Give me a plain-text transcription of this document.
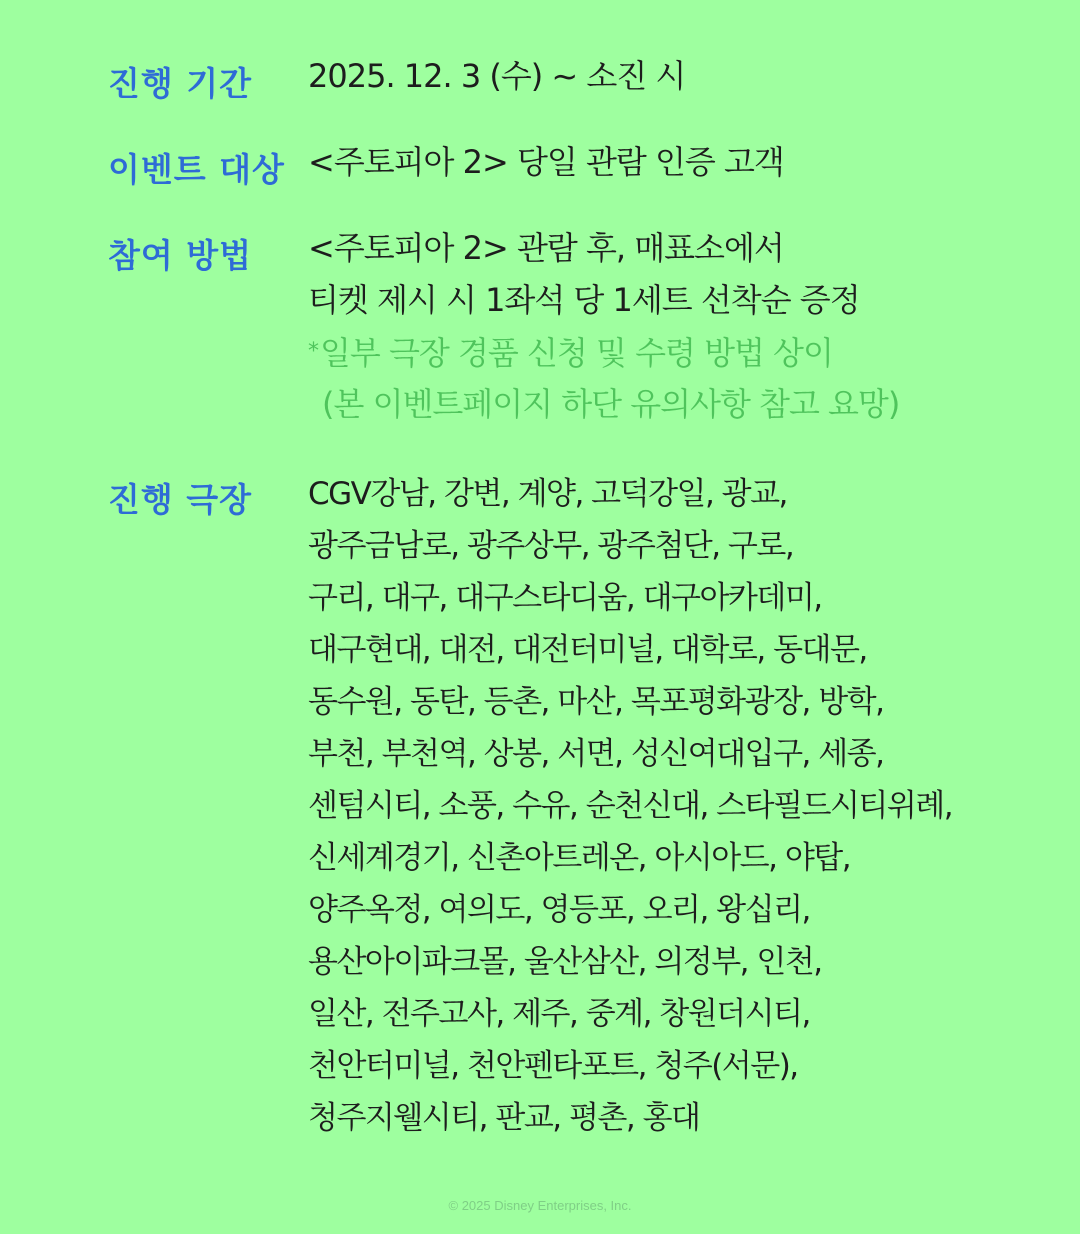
진행 기간 2025. 12. 3 (수) ~ 소진 시
이벤트 대상 <주토피아 2> 당일 관람 인증 고객
참여 방법 <주토피아 2> 관람 후, 매표소에서
티켓 제시 시 1좌석 당 1세트 선착순 증정
*일부 극장 경품 신청 및 수령 방법 상이
(본 이벤트페이지 하단 유의사항 참고 요망)
진행 극장 CGV강남, 강변, 계양, 고덕강일, 광교,
광주금남로, 광주상무, 광주첨단, 구로,
구리, 대구, 대구스타디움, 대구아카데미,
대구현대, 대전, 대전터미널, 대학로, 동대문,
동수원, 동탄, 등촌, 마산, 목포평화광장, 방학,
부천, 부천역, 상봉, 서면, 성신여대입구, 세종,
센텀시티, 소풍, 수유, 순천신대, 스타필드시티위례,
신세계경기, 신촌아트레온, 아시아드, 야탑,
양주옥정, 여의도, 영등포, 오리, 왕십리,
용산아이파크몰, 울산삼산, 의정부, 인천,
일산, 전주고사, 제주, 중계, 창원더시티,
천안터미널, 천안펜타포트, 청주(서문),
청주지웰시티, 판교, 평촌, 홍대
© 2025 Disney Enterprises, Inc.
